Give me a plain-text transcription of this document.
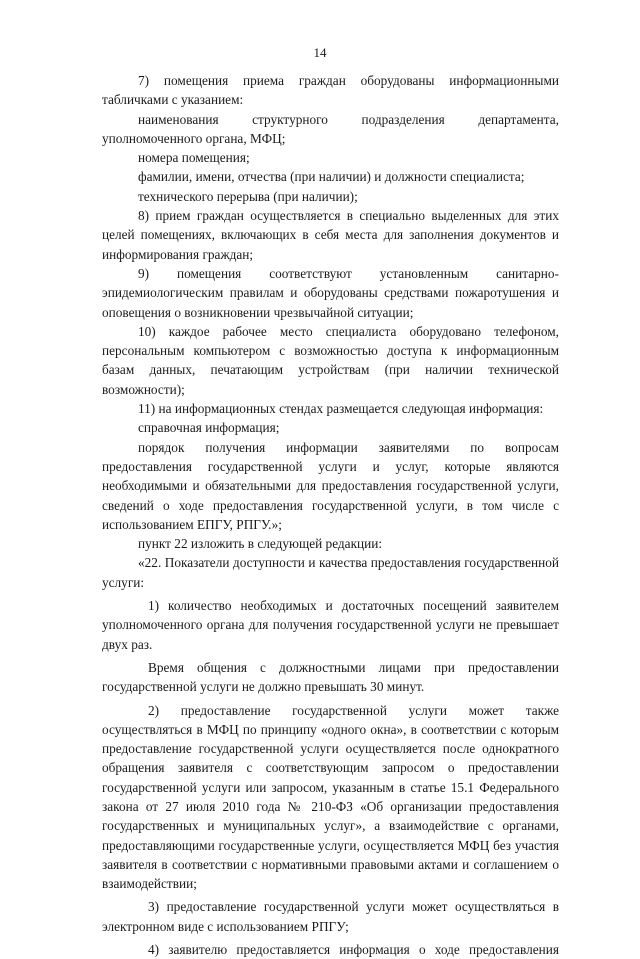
14

7) помещения приема граждан оборудованы информационными табличками с указанием:

наименования структурного подразделения департамента, уполномоченного органа, МФЦ;

номера помещения;

фамилии, имени, отчества (при наличии) и должности специалиста;

технического перерыва (при наличии);

8) прием граждан осуществляется в специально выделенных для этих целей помещениях, включающих в себя места для заполнения документов и информирования граждан;

9) помещения соответствуют установленным санитарно-эпидемиологическим правилам и оборудованы средствами пожаротушения и оповещения о возникновении чрезвычайной ситуации;

10) каждое рабочее место специалиста оборудовано телефоном, персональным компьютером с возможностью доступа к информационным базам данных, печатающим устройствам (при наличии технической возможности);

11) на информационных стендах размещается следующая информация:

справочная информация;

порядок получения информации заявителями по вопросам предоставления государственной услуги и услуг, которые являются необходимыми и обязательными для предоставления государственной услуги, сведений о ходе предоставления государственной услуги, в том числе с использованием ЕПГУ, РПГУ.»;

пункт 22 изложить в следующей редакции:

«22. Показатели доступности и качества предоставления государственной услуги:

1) количество необходимых и достаточных посещений заявителем уполномоченного органа для получения государственной услуги не превышает двух раз.

Время общения с должностными лицами при предоставлении государственной услуги не должно превышать 30 минут.

2) предоставление государственной услуги может также осуществляться в МФЦ по принципу «одного окна», в соответствии с которым предоставление государственной услуги осуществляется после однократного обращения заявителя с соответствующим запросом о предоставлении государственной услуги или запросом, указанным в статье 15.1 Федерального закона от 27 июля 2010 года № 210-ФЗ «Об организации предоставления государственных и муниципальных услуг», а взаимодействие с органами, предоставляющими государственные услуги, осуществляется МФЦ без участия заявителя в соответствии с нормативными правовыми актами и соглашением о взаимодействии;

3) предоставление государственной услуги может осуществляться в электронном виде с использованием РПГУ;

4) заявителю предоставляется информация о ходе предоставления
